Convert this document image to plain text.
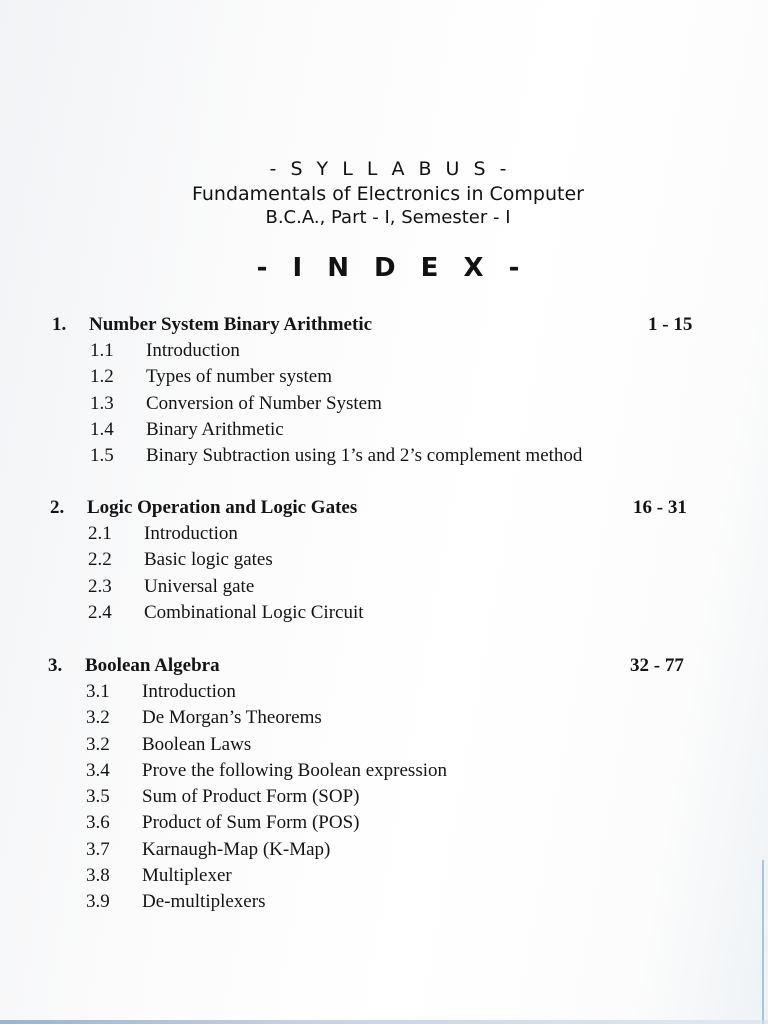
- S Y L L A B U S -
Fundamentals of Electronics in Computer
B.C.A., Part - I, Semester - I
- I N D E X -
1. Number System Binary Arithmetic	1 - 15
1.1 Introduction
1.2 Types of number system
1.3 Conversion of Number System
1.4 Binary Arithmetic
1.5 Binary Subtraction using 1’s and 2’s complement method
2. Logic Operation and Logic Gates	16 - 31
2.1 Introduction
2.2 Basic logic gates
2.3 Universal gate
2.4 Combinational Logic Circuit
3. Boolean Algebra	32 - 77
3.1 Introduction
3.2 De Morgan’s Theorems
3.2 Boolean Laws
3.4 Prove the following Boolean expression
3.5 Sum of Product Form (SOP)
3.6 Product of Sum Form (POS)
3.7 Karnaugh-Map (K-Map)
3.8 Multiplexer
3.9 De-multiplexers
